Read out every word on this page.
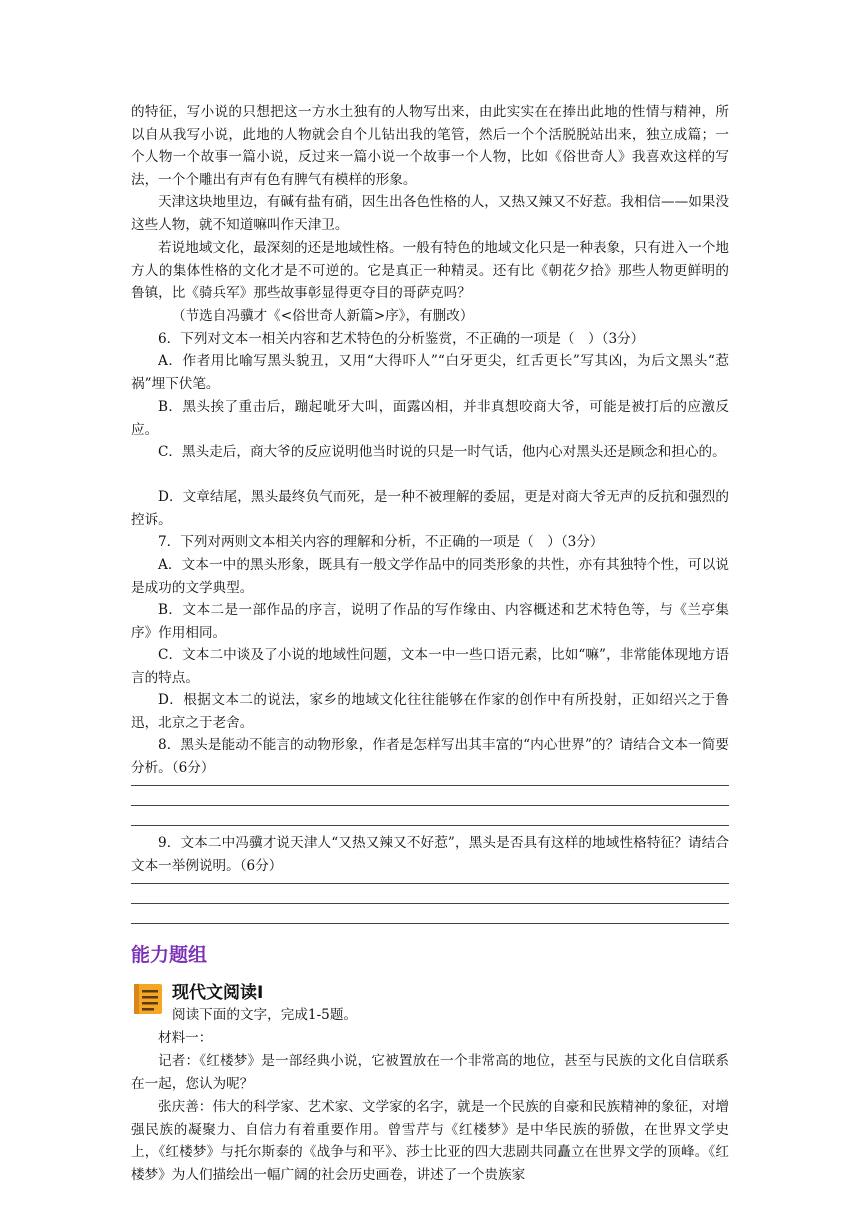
的特征，写小说的只想把这一方水土独有的人物写出来，由此实实在在捧出此地的性情与精神，所以自从我写小说，此地的人物就会自个儿钻出我的笔管，然后一个个活脱脱站出来，独立成篇；一个人物一个故事一篇小说，反过来一篇小说一个故事一个人物，比如《俗世奇人》我喜欢这样的写法，一个个雕出有声有色有脾气有模样的形象。

天津这块地里边，有碱有盐有硝，因生出各色性格的人，又热又辣又不好惹。我相信——如果没这些人物，就不知道嘛叫作天津卫。

若说地域文化，最深刻的还是地域性格。一般有特色的地域文化只是一种表象，只有进入一个地方人的集体性格的文化才是不可逆的。它是真正一种精灵。还有比《朝花夕拾》那些人物更鲜明的鲁镇，比《骑兵军》那些故事彰显得更夺目的哥萨克吗？

（节选自冯骥才《<俗世奇人新篇>序》，有删改）

6．下列对文本一相关内容和艺术特色的分析鉴赏，不正确的一项是（　）（3分）

A．作者用比喻写黑头貌丑，又用“大得吓人”“白牙更尖，红舌更长”写其凶，为后文黑头“惹祸”埋下伏笔。

B．黑头挨了重击后，蹦起呲牙大叫，面露凶相，并非真想咬商大爷，可能是被打后的应激反应。

C．黑头走后，商大爷的反应说明他当时说的只是一时气话，他内心对黑头还是顾念和担心的。

D．文章结尾，黑头最终负气而死，是一种不被理解的委屈，更是对商大爷无声的反抗和强烈的控诉。

7．下列对两则文本相关内容的理解和分析，不正确的一项是（　）（3分）

A．文本一中的黑头形象，既具有一般文学作品中的同类形象的共性，亦有其独特个性，可以说是成功的文学典型。

B．文本二是一部作品的序言，说明了作品的写作缘由、内容概述和艺术特色等，与《兰亭集序》作用相同。

C．文本二中谈及了小说的地域性问题，文本一中一些口语元素，比如“嘛”，非常能体现地方语言的特点。

D．根据文本二的说法，家乡的地域文化往往能够在作家的创作中有所投射，正如绍兴之于鲁迅，北京之于老舍。

8．黑头是能动不能言的动物形象，作者是怎样写出其丰富的“内心世界”的？请结合文本一简要分析。（6分）

9．文本二中冯骥才说天津人“又热又辣又不好惹”，黑头是否具有这样的地域性格特征？请结合文本一举例说明。（6分）

能力题组
现代文阅读Ⅰ

阅读下面的文字，完成1-5题。

材料一：

记者：《红楼梦》是一部经典小说，它被置放在一个非常高的地位，甚至与民族的文化自信联系在一起，您认为呢？

张庆善：伟大的科学家、艺术家、文学家的名字，就是一个民族的自豪和民族精神的象征，对增强民族的凝聚力、自信力有着重要作用。曾雪芹与《红楼梦》是中华民族的骄傲，在世界文学史上，《红楼梦》与托尔斯泰的《战争与和平》、莎士比亚的四大悲剧共同矗立在世界文学的顶峰。《红楼梦》为人们描绘出一幅广阔的社会历史画卷，讲述了一个贵族家
